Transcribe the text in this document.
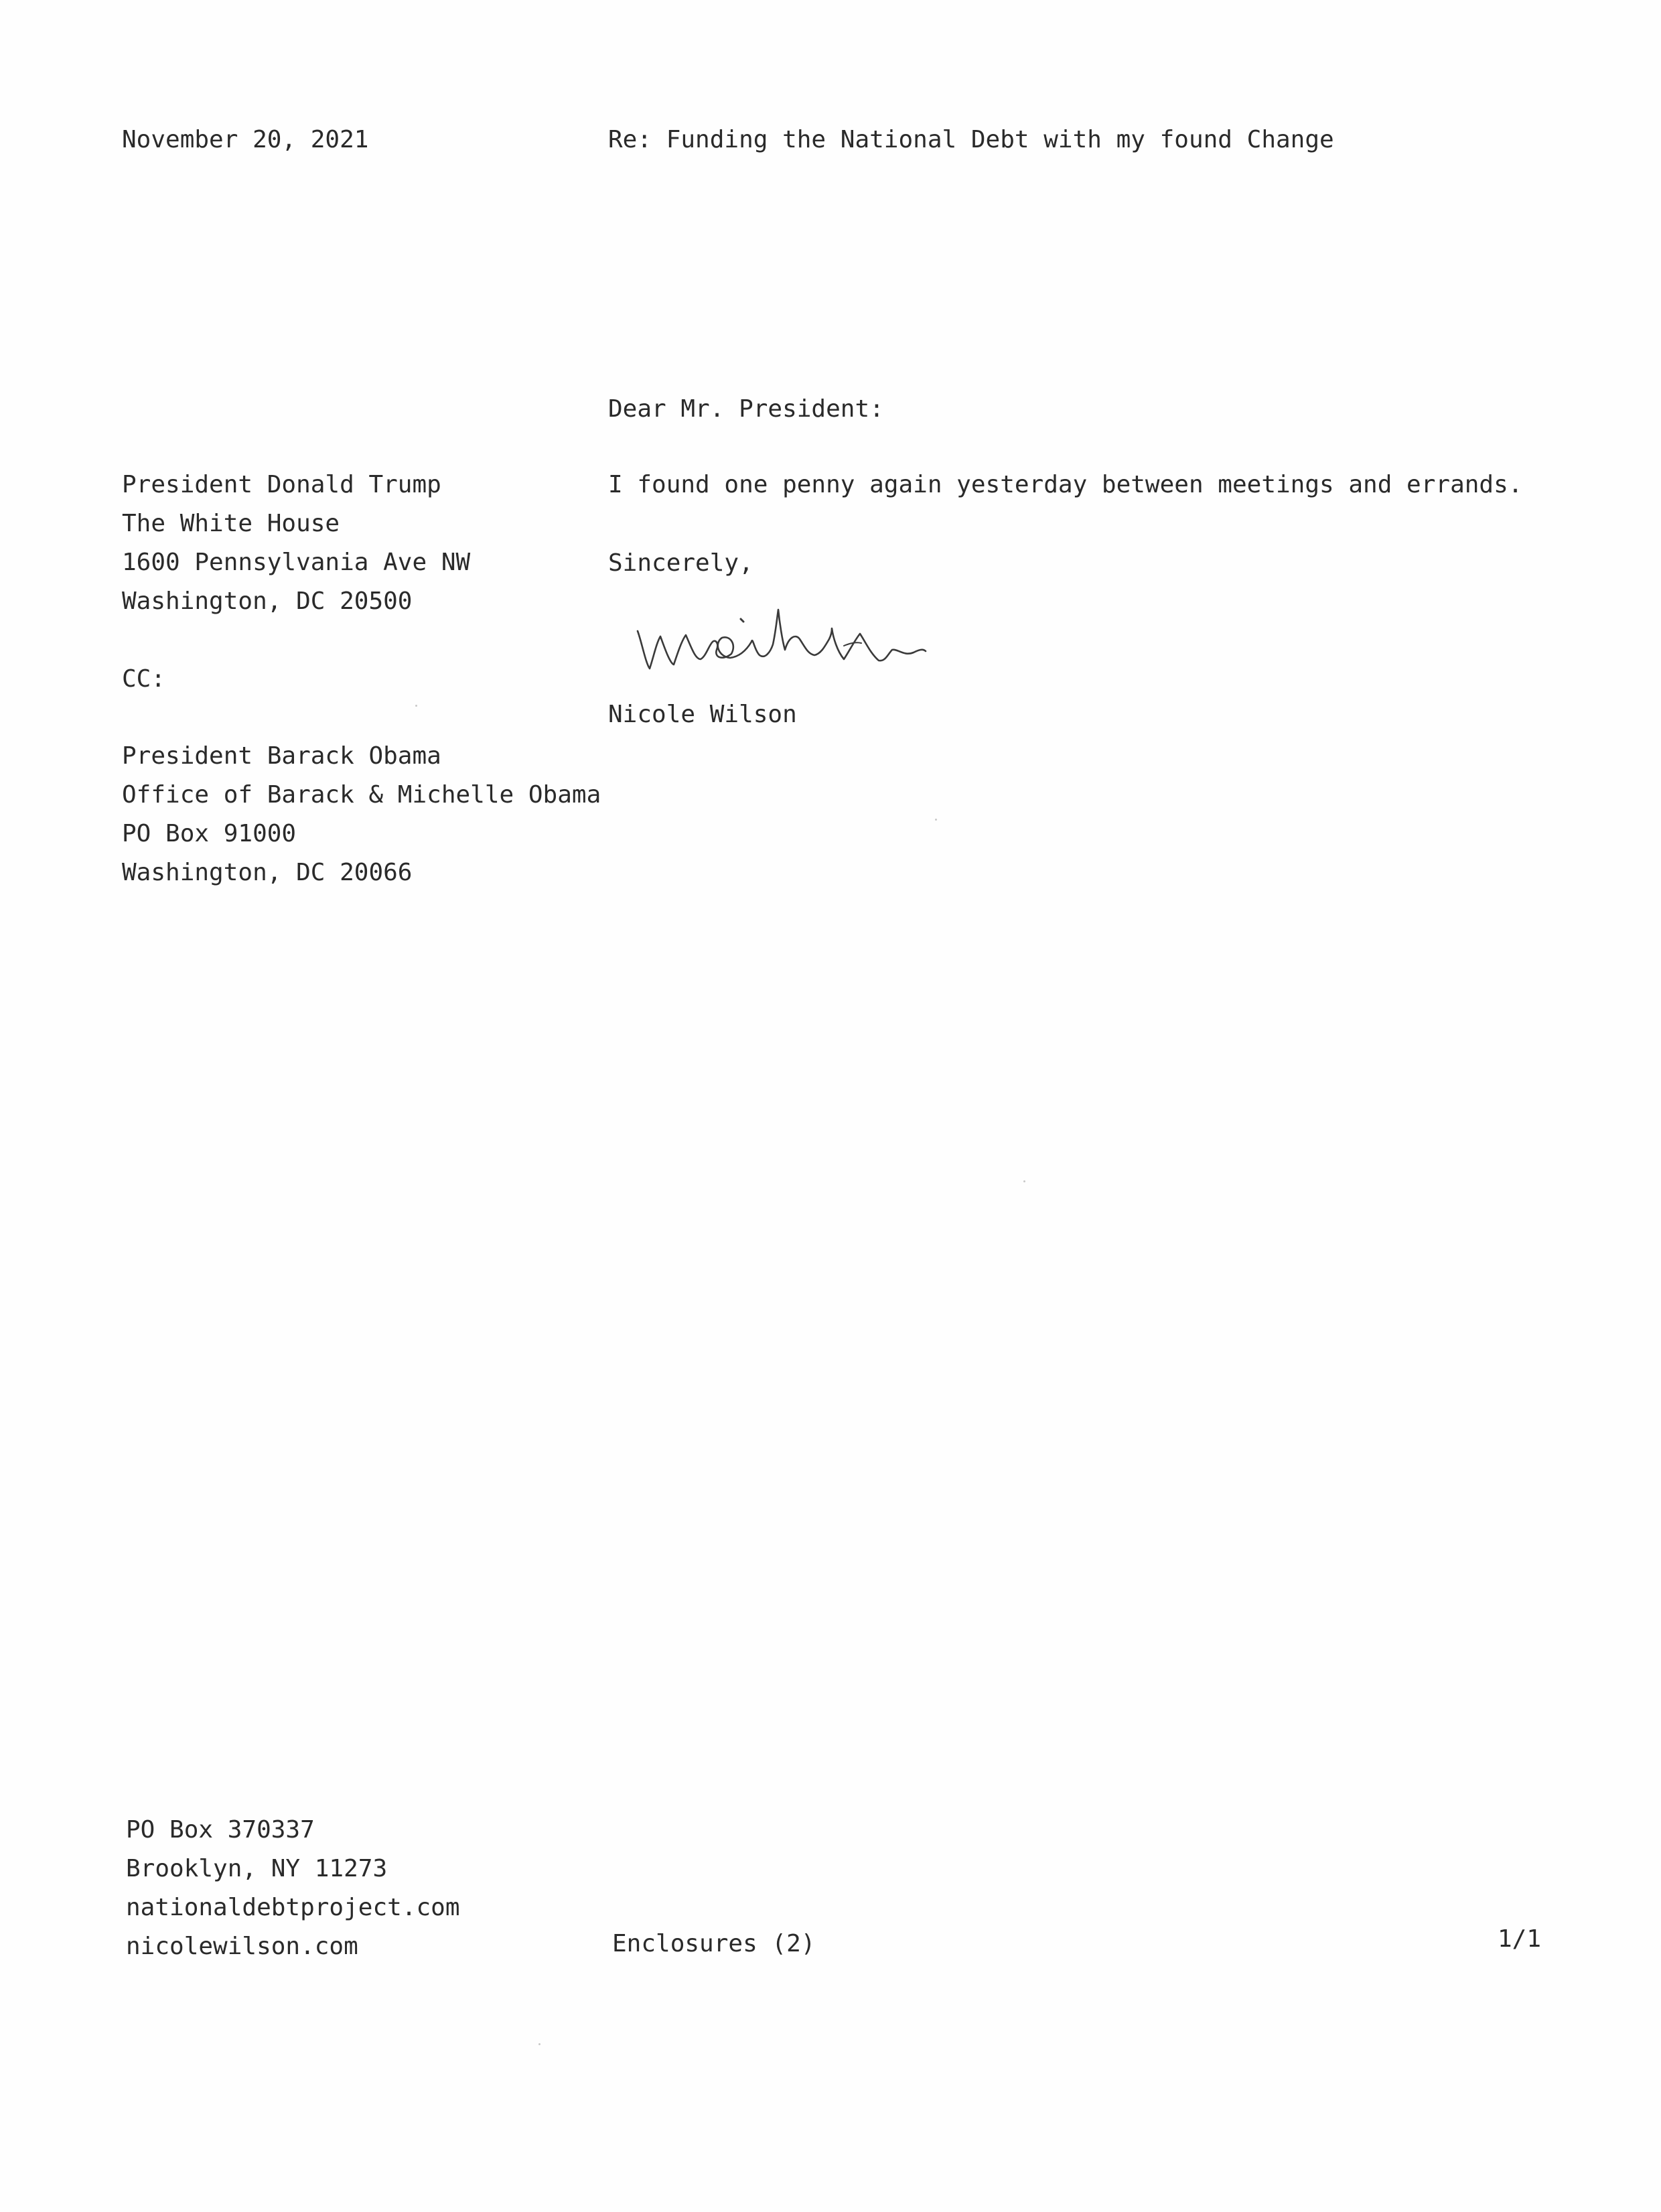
November 20, 2021	Re: Funding the National Debt with my found Change
Dear Mr. President:
President Donald Trump
The White House
1600 Pennsylvania Ave NW
Washington, DC 20500
I found one penny again yesterday between meetings and errands.
Sincerely,
Nicole Wilson
CC:
President Barack Obama
Office of Barack & Michelle Obama
PO Box 91000
Washington, DC 20066
PO Box 370337
Brooklyn, NY 11273
nationaldebtproject.com
nicolewilson.com	Enclosures (2)	1/1
